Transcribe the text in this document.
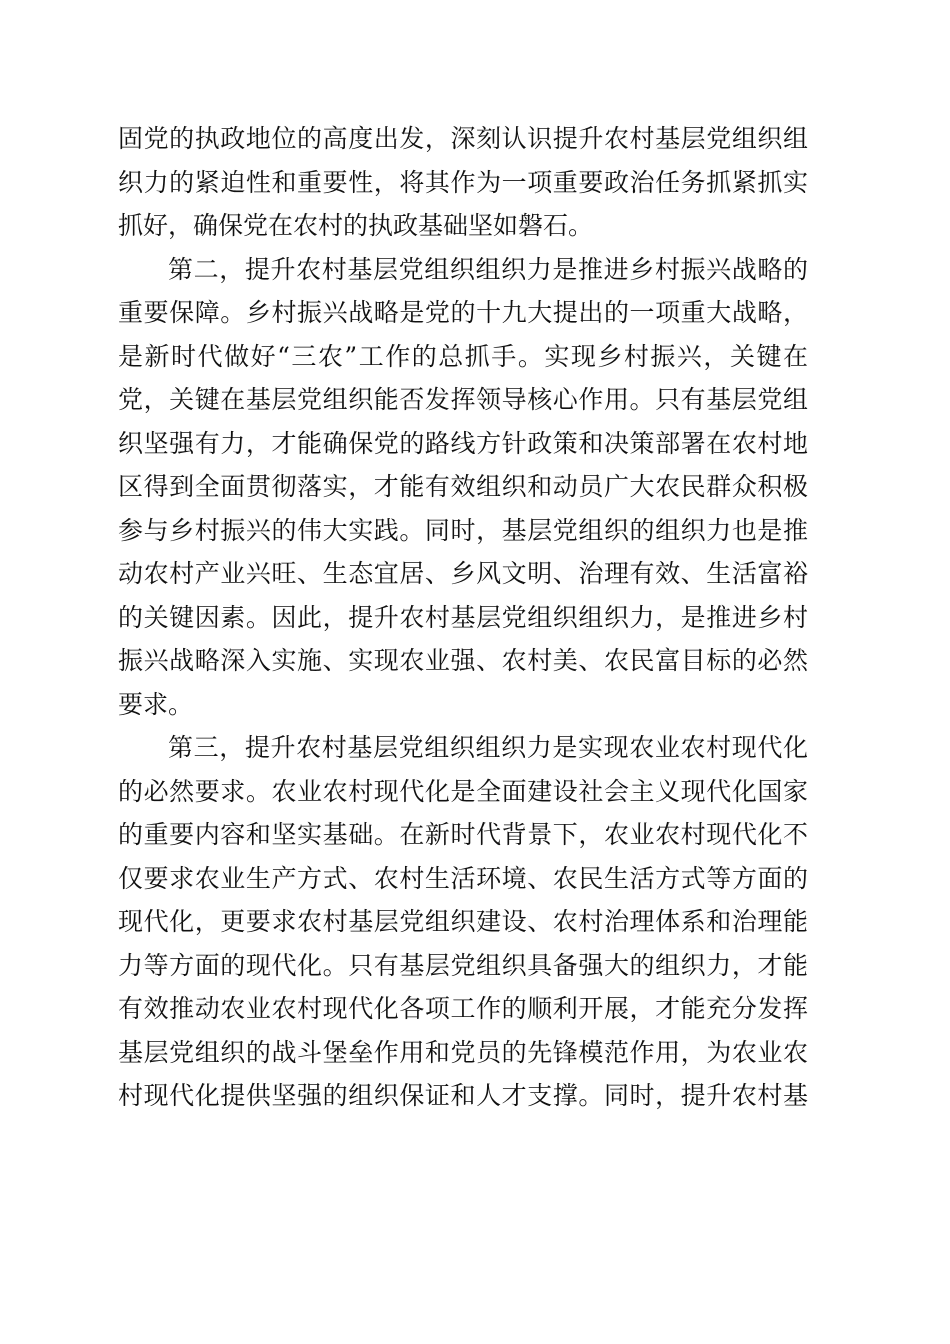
固党的执政地位的高度出发，深刻认识提升农村基层党组织组
织力的紧迫性和重要性，将其作为一项重要政治任务抓紧抓实
抓好，确保党在农村的执政基础坚如磐石。
第二，提升农村基层党组织组织力是推进乡村振兴战略的
重要保障。乡村振兴战略是党的十九大提出的一项重大战略，
是新时代做好“三农”工作的总抓手。实现乡村振兴，关键在
党，关键在基层党组织能否发挥领导核心作用。只有基层党组
织坚强有力，才能确保党的路线方针政策和决策部署在农村地
区得到全面贯彻落实，才能有效组织和动员广大农民群众积极
参与乡村振兴的伟大实践。同时，基层党组织的组织力也是推
动农村产业兴旺、生态宜居、乡风文明、治理有效、生活富裕
的关键因素。因此，提升农村基层党组织组织力，是推进乡村
振兴战略深入实施、实现农业强、农村美、农民富目标的必然
要求。
第三，提升农村基层党组织组织力是实现农业农村现代化
的必然要求。农业农村现代化是全面建设社会主义现代化国家
的重要内容和坚实基础。在新时代背景下，农业农村现代化不
仅要求农业生产方式、农村生活环境、农民生活方式等方面的
现代化，更要求农村基层党组织建设、农村治理体系和治理能
力等方面的现代化。只有基层党组织具备强大的组织力，才能
有效推动农业农村现代化各项工作的顺利开展，才能充分发挥
基层党组织的战斗堡垒作用和党员的先锋模范作用，为农业农
村现代化提供坚强的组织保证和人才支撑。同时，提升农村基
